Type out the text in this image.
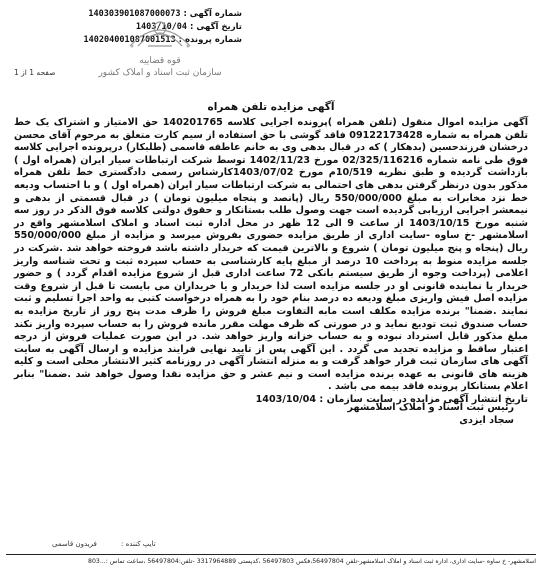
شماره آگهی : 140303901087000073
تاریخ آگهی : 1403/10/04
شماره پرونده : 140204001087001513
قوه قضاییه
سازمان ثبت اسناد و املاک کشور
صفحه 1 از 1
آگهی مزایده تلفن همراه

آگهی مزایده اموال منقول (تلفن همراه )پرونده اجرایی کلاسه 140201765 حق الامتیاز و اشتراک یک خط تلفن همراه به شماره 09122173428 فاقد گوشی با حق استفاده از سیم کارت متعلق به مرحوم آقای محسن درخشان فرزندحسین (بدهکار ) که در قبال بدهی وی به خانم عاطفه قاسمی (طلبکار) درپرونده اجرایی کلاسه فوق طی نامه شماره 02/325/116216 مورخ 1402/11/23 توسط شرکت ارتباطات سیار ایران (همراه اول ) بازداشت گردیده و طبق نظریه 10/519م مورخ 1403/07/02کارشناس رسمی دادگستری خط تلفن همراه مذکور بدون درنظر گرفتن بدهی های احتمالی به شرکت ارتباطات سیار ایران (همراه اول ) و با احتساب ودیعه خط نزد مخابرات به مبلغ 550/000/000 ریال (پانصد و پنجاه میلیون تومان ) در قبال قسمتی از بدهی و نیمعشر اجرایی ارزیابی گردیده است جهت وصول طلب بستانکار و حقوق دولتی کلاسه فوق الذکر در روز سه شنبه مورخ 1403/10/15 از ساعت 9 الی 12 ظهر در محل اداره ثبت اسناد و املاک اسلامشهر واقع در اسلامشهر -خ ساوه -سایت اداری از طریق مزایده حضوری بفروش میرسد و مزایده از مبلغ 550/000/000 ریال (پنجاه و پنج میلیون تومان ) شروع و بالاترین قیمت که خریدار داشته باشد فروخته خواهد شد .شرکت در جلسه مزایده منوط به پرداخت 10 درصد از مبلغ پایه کارشناسی به حساب سپرده ثبت و تحت شناسه واریز اعلامی (پرداخت وجوه از طریق سیستم بانکی 72 ساعت اداری قبل از شروع مزایده اقدام گردد ) و حضور خریدار یا نماینده قانونی او در جلسه مزایده است لذا خریدار و یا خریداران می بایست تا قبل از شروع وقت مزایده اصل فیش واریزی مبلغ ودیعه ده درصد بنام خود را به همراه درخواست کتبی به واحد اجرا تسلیم و ثبت نمایند .ضمنا" برنده مزایده مکلف است مابه التفاوت مبلغ فروش را ظرف مدت پنج روز از تاریخ مزایده به حساب صندوق ثبت تودیع نماید و در صورتی که ظرف مهلت مقرر مانده فروش را به حساب سپرده واریز نکند مبلغ مذکور قابل استرداد نبوده و به حساب خزانه واریز خواهد شد. در این صورت عملیات فروش از درجه اعتبار ساقط و مزایده تجدید می گردد . این آگهی پس از تایید نهایی فرایند مزایده و ارسال آگهی به سایت آگهی های سازمان ثبت قرار خواهد گرفت و به منزله انتشار آگهی در روزنامه کثیر الانتشار محلی است و کلیه هزینه های قانونی به عهده برنده مزایده است و نیم عشر و حق مزایده نقدا وصول خواهد شد .ضمنا" بنابر اعلام بستانکار پرونده فاقد بیمه می باشد .

تاریخ انتشار آگهی مزایده در سایت سازمان : 1403/10/04

رئیس ثبت اسناد و املاک اسلامشهر
سجاد ایزدی
تایپ کننده : فریدون قاسمی
اسلامشهر- خ ساوه -سایت اداری، اداره ثبت اسناد و املاک اسلامشهر-تلفن 56497804،فکس 56497803 ،کدپستی 3317964889 -تلفن:56497804 ،ساعت تماس :...803
